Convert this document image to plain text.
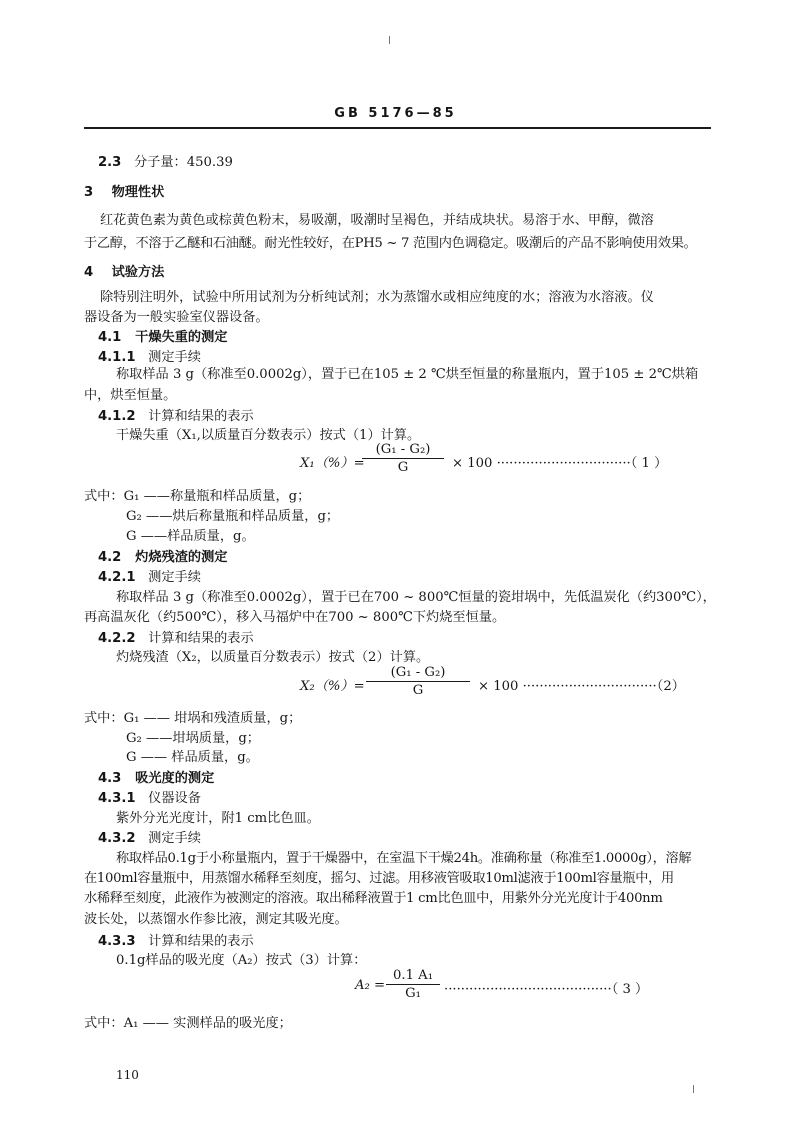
GB 5176—85
2.3 分子量：450.39
3 物理性状
红花黄色素为黄色或棕黄色粉末，易吸潮，吸潮时呈褐色，并结成块状。易溶于水、甲醇，微溶
于乙醇，不溶于乙醚和石油醚。耐光性较好，在PH5 ~ 7 范围内色调稳定。吸潮后的产品不影响使用效果。
4 试验方法
除特别注明外，试验中所用试剂为分析纯试剂；水为蒸馏水或相应纯度的水；溶液为水溶液。仪
器设备为一般实验室仪器设备。
4.1 干燥失重的测定
4.1.1 测定手续
称取样品 3 g（称准至0.0002g），置于已在105 ± 2 ℃烘至恒量的称量瓶内，置于105 ± 2℃烘箱
中，烘至恒量。
4.1.2 计算和结果的表示
干燥失重（X₁,以质量百分数表示）按式（1）计算。
X₁（%）=
$\frac{\text{(G₁ - G₂)}}{G} \times 100$ ································（ 1 ）
式中：G₁ ——称量瓶和样品质量，g；
G₂ ——烘后称量瓶和样品质量，g；
G ——样品质量，g。
4.2 灼烧残渣的测定
4.2.1 测定手续
称取样品 3 g（称准至0.0002g），置于已在700 ~ 800℃恒量的瓷坩埚中，先低温炭化（约300℃），
再高温灰化（约500℃），移入马福炉中在700 ~ 800℃下灼烧至恒量。
4.2.2 计算和结果的表示
灼烧残渣（X₂，以质量百分数表示）按式（2）计算。
$X_2(\%)= \frac{\text{(G₁ - G₂)}}{G} \times 100 \cdot\cdot\cdot\cdot\cdot\cdot\cdot\cdot\cdot\cdot\cdot\cdot\cdot\cdot\cdot\cdot\cdot\cdot\cdot\cdot\cdot\cdot\cdot\cdot\cdot\cdot\cdot\cdot\cdot\cdot\cdot\cdot(2)$
式中：G₁ —— 坩埚和残渣质量，g；
G₂ ——坩埚质量，g；
G —— 样品质量，g。
4.3 吸光度的测定
4.3.1 仪器设备
紫外分光光度计，附1 cm比色皿。
4.3.2 测定手续
称取样品0.1g于小称量瓶内，置于干燥器中，在室温下干燥24h。准确称量（称准至1.0000g），溶解
在100ml容量瓶中，用蒸馏水稀释至刻度，摇匀、过滤。用移液管吸取10ml滤液于100ml容量瓶中，用
水稀释至刻度，此液作为被测定的溶液。取出稀释液置于1 cm比色皿中，用紫外分光光度计于400nm
波长处，以蒸馏水作参比液，测定其吸光度。
4.3.3 计算和结果的表示
0.1g样品的吸光度（A₂）按式（3）计算：
$A_2 = \frac{\text{0.1 A₁}}{\text{G₁}}$ ········································（ 3 ）
式中：A₁ —— 实测样品的吸光度；
110
